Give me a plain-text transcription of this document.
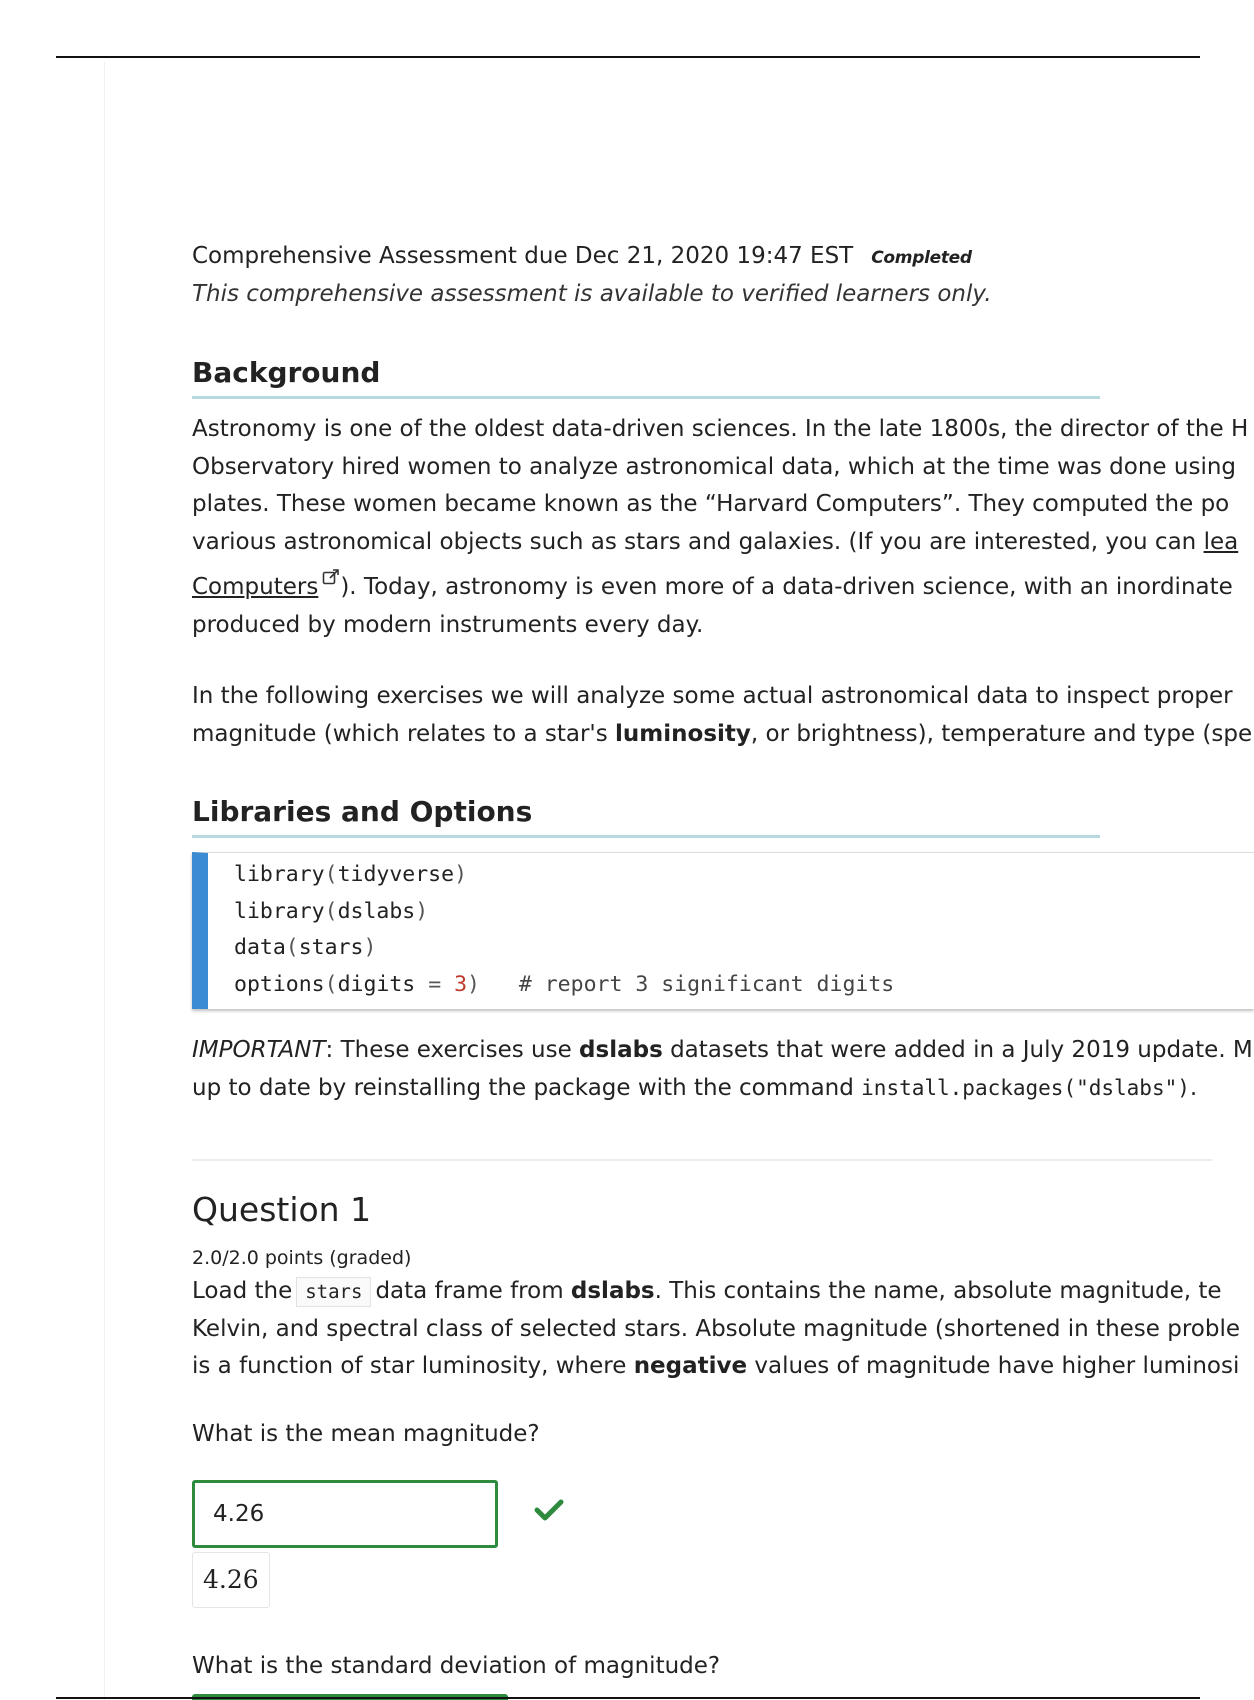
Comprehensive Assessment due Dec 21, 2020 19:47 EST Completed
This comprehensive assessment is available to verified learners only.
Background
Astronomy is one of the oldest data-driven sciences. In the late 1800s, the director of the H
Observatory hired women to analyze astronomical data, which at the time was done using
plates. These women became known as the “Harvard Computers”. They computed the po
various astronomical objects such as stars and galaxies. (If you are interested, you can lea
Computers ). Today, astronomy is even more of a data-driven science, with an inordinate
produced by modern instruments every day.
In the following exercises we will analyze some actual astronomical data to inspect proper
magnitude (which relates to a star's luminosity, or brightness), temperature and type (spe
Libraries and Options
library(tidyverse)
library(dslabs)
data(stars)
options(digits = 3) # report 3 significant digits
IMPORTANT: These exercises use dslabs datasets that were added in a July 2019 update. M
up to date by reinstalling the package with the command install.packages("dslabs").
Question 1
2.0/2.0 points (graded)
Load the stars data frame from dslabs. This contains the name, absolute magnitude, te
Kelvin, and spectral class of selected stars. Absolute magnitude (shortened in these proble
is a function of star luminosity, where negative values of magnitude have higher luminosi
What is the mean magnitude?
4.26
4.26
What is the standard deviation of magnitude?
